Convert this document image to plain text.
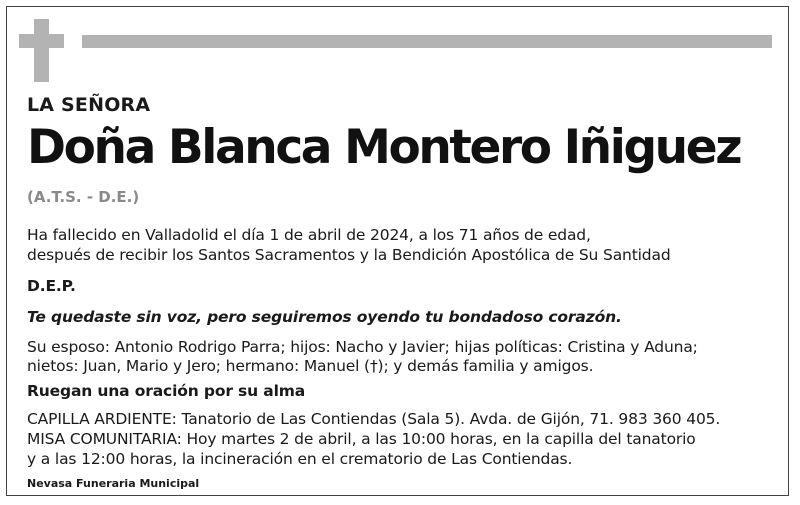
LA SEÑORA
Doña Blanca Montero Iñiguez
(A.T.S. - D.E.)
Ha fallecido en Valladolid el día 1 de abril de 2024, a los 71 años de edad,
después de recibir los Santos Sacramentos y la Bendición Apostólica de Su Santidad
D.E.P.
Te quedaste sin voz, pero seguiremos oyendo tu bondadoso corazón.
Su esposo: Antonio Rodrigo Parra; hijos: Nacho y Javier; hijas políticas: Cristina y Aduna;
nietos: Juan, Mario y Jero; hermano: Manuel (†); y demás familia y amigos.
Ruegan una oración por su alma
CAPILLA ARDIENTE: Tanatorio de Las Contiendas (Sala 5). Avda. de Gijón, 71. 983 360 405.
MISA COMUNITARIA: Hoy martes 2 de abril, a las 10:00 horas, en la capilla del tanatorio
y a las 12:00 horas, la incineración en el crematorio de Las Contiendas.
Nevasa Funeraria Municipal
